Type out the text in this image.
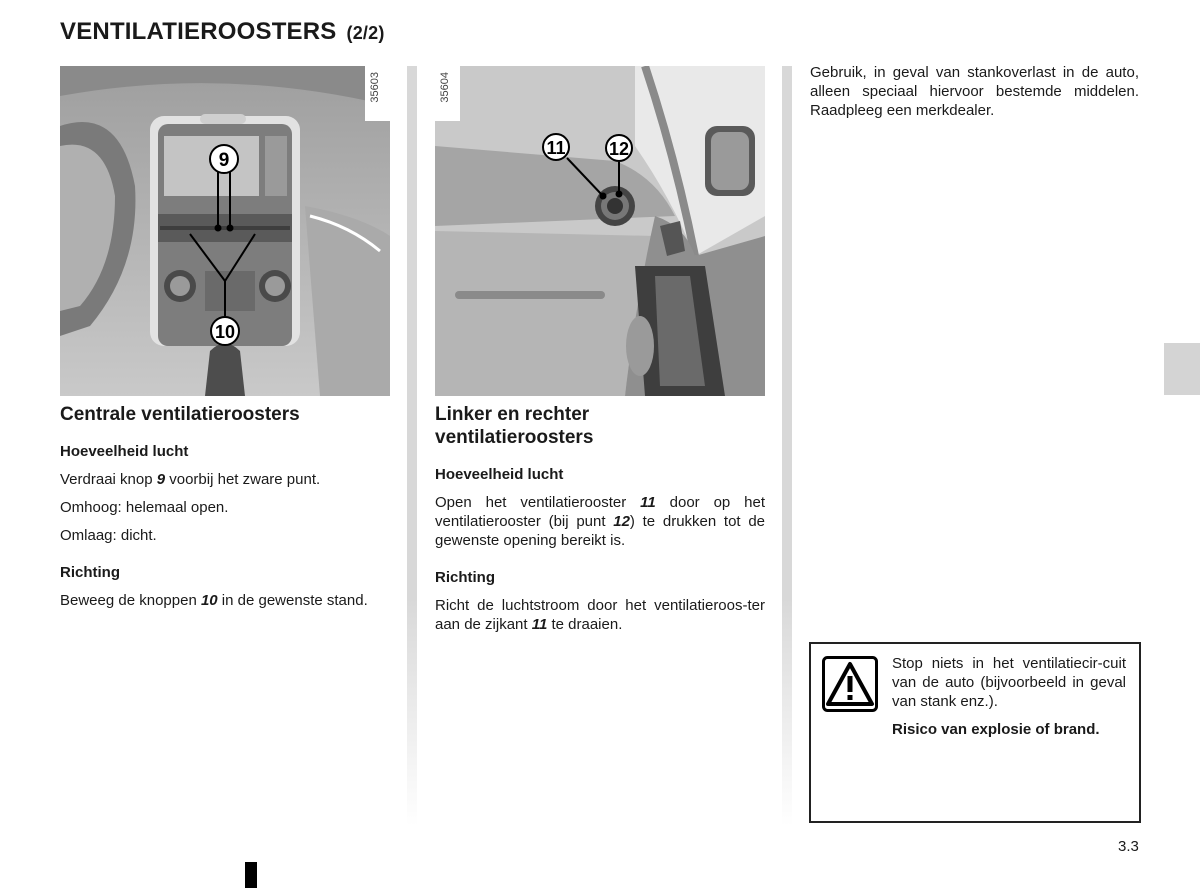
VENTILATIEROOSTERS (2/2)
9
10
35603
11 12
35604
Centrale ventilatieroosters
Hoeveelheid lucht
Verdraai knop 9 voorbij het zware punt.
Omhoog: helemaal open.
Omlaag: dicht.
Richting
Beweeg de knoppen 10 in de gewenste stand.
Linker en rechter
ventilatieroosters
Hoeveelheid lucht
Open het ventilatierooster 11 door op het ventilatierooster (bij punt 12) te drukken tot de gewenste opening bereikt is.
Richting
Richt de luchtstroom door het ventilatieroos-ter aan de zijkant 11 te draaien.
Gebruik, in geval van stankoverlast in de auto, alleen speciaal hiervoor bestemde middelen. Raadpleeg een merkdealer.
Stop niets in het ventilatiecir-cuit van de auto (bijvoorbeeld in geval van stank enz.).
Risico van explosie of brand.
3.3
